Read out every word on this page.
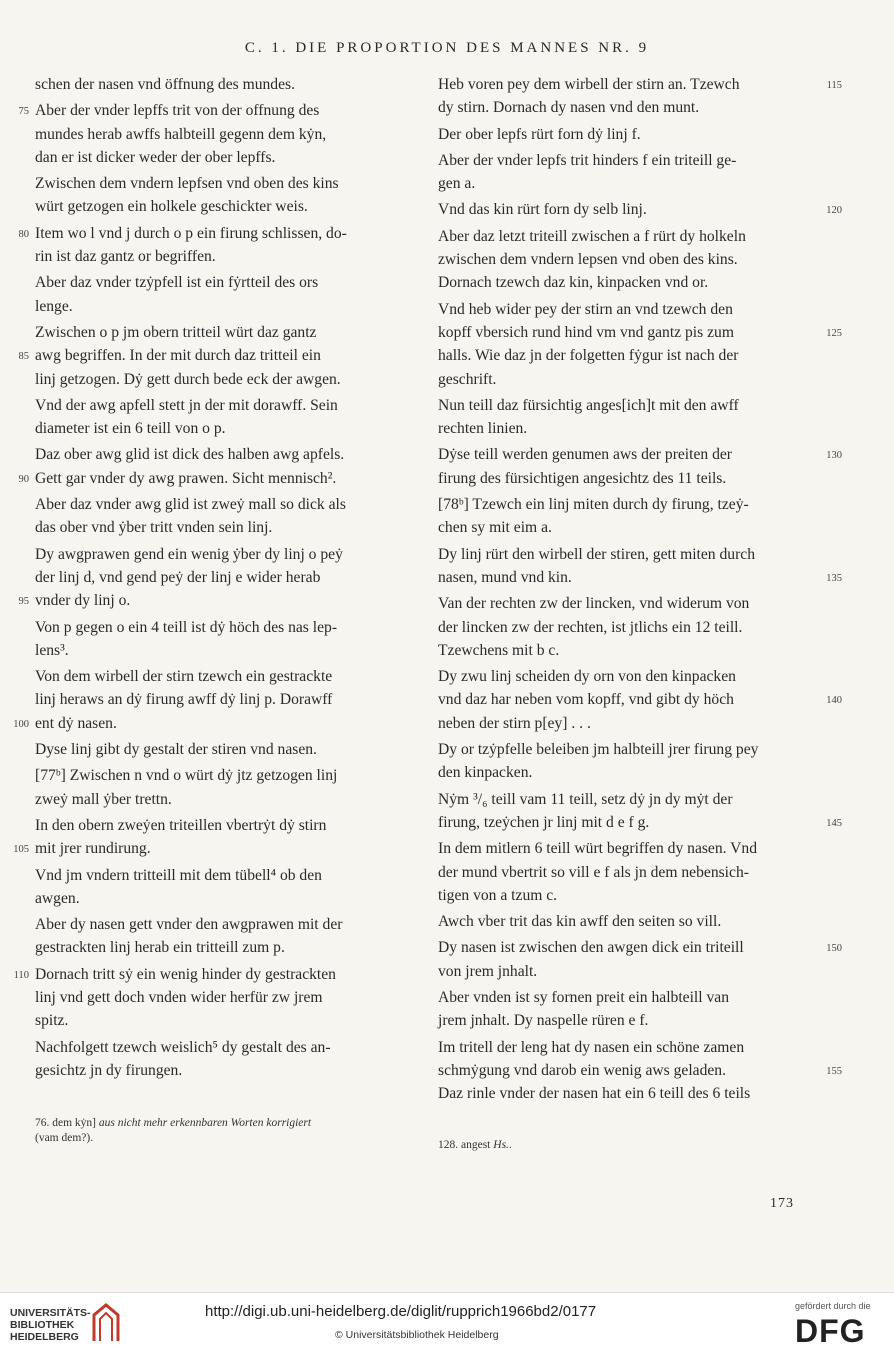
C. 1. DIE PROPORTION DES MANNES NR. 9
schen der nasen vnd öffnung des mundes.
Aber der vnder lepffs trit von der offnung des
75
mundes herab awffs halbteill gegenn dem kẏn,
dan er ist dicker weder der ober lepffs.
Zwischen dem vndern lepfsen vnd oben des kins
würt getzogen ein holkele geschickter weis.
Item wo l vnd j durch o p ein firung schlissen, do-
80
rin ist daz gantz or begriffen.
Aber daz vnder tzẏpfell ist ein fẏrtteil des ors
lenge.
Zwischen o p jm obern tritteil würt daz gantz
awg begriffen. In der mit durch daz tritteil ein
85
linj getzogen. Dẏ gett durch bede eck der awgen.
Vnd der awg apfell stett jn der mit dorawff. Sein
diameter ist ein 6 teill von o p.
Daz ober awg glid ist dick des halben awg apfels.
Gett gar vnder dy awg prawen. Sicht mennisch².
90
Aber daz vnder awg glid ist zweẏ mall so dick als
das ober vnd ẏber tritt vnden sein linj.
Dy awgprawen gend ein wenig ẏber dy linj o peẏ
der linj d, vnd gend peẏ der linj e wider herab
vnder dy linj o.
95
Von p gegen o ein 4 teill ist dẏ höch des nas lep-
lens³.
Von dem wirbell der stirn tzewch ein gestrackte
linj heraws an dẏ firung awff dẏ linj p. Dorawff
ent dẏ nasen.
100
Dyse linj gibt dy gestalt der stiren vnd nasen.
[77ᵇ] Zwischen n vnd o würt dẏ jtz getzogen linj
zweẏ mall ẏber trettn.
In den obern zweẏen triteillen vbertrẏt dẏ stirn
mit jrer rundirung.
105
Vnd jm vndern tritteill mit dem tübell⁴ ob den
awgen.
Aber dy nasen gett vnder den awgprawen mit der
gestrackten linj herab ein tritteill zum p.
Dornach tritt sẏ ein wenig hinder dy gestrackten
110
linj vnd gett doch vnden wider herfür zw jrem
spitz.
Nachfolgett tzewch weislich⁵ dy gestalt des an-
gesichtz jn dy firungen.
Heb voren pey dem wirbell der stirn an. Tzewch	115
dy stirn. Dornach dy nasen vnd den munt.
Der ober lepfs rürt forn dẏ linj f.
Aber der vnder lepfs trit hinders f ein triteill ge-
gen a.
Vnd das kin rürt forn dy selb linj.	120
Aber daz letzt triteill zwischen a f rürt dy holkeln
zwischen dem vndern lepsen vnd oben des kins.
Dornach tzewch daz kin, kinpacken vnd or.
Vnd heb wider pey der stirn an vnd tzewch den
kopff vbersich rund hind vm vnd gantz pis zum	125
halls. Wie daz jn der folgetten fẏgur ist nach der
geschrift.
Nun teill daz fürsichtig anges[ich]t mit den awff
rechten linien.
Dẏse teill werden genumen aws der preiten der	130
firung des fürsichtigen angesichtz des 11 teils.
[78ᵇ] Tzewch ein linj miten durch dy firung, tzeẏ-
chen sy mit eim a.
Dy linj rürt den wirbell der stiren, gett miten durch
nasen, mund vnd kin.	135
Van der rechten zw der lincken, vnd widerum von
der lincken zw der rechten, ist jtlichs ein 12 teill.
Tzewchens mit b c.
Dy zwu linj scheiden dy orn von den kinpacken
vnd daz har neben vom kopff, vnd gibt dy höch	140
neben der stirn p[ey] . . .
Dy or tzẏpfelle beleiben jm halbteill jrer firung pey
den kinpacken.
Nẏm ³/₆ teill vam 11 teill, setz dẏ jn dy mẏt der
firung, tzeẏchen jr linj mit d e f g.	145
In dem mitlern 6 teill würt begriffen dy nasen. Vnd
der mund vbertrit so vill e f als jn dem nebensich-
tigen von a tzum c.
Awch vber trit das kin awff den seiten so vill.
Dy nasen ist zwischen den awgen dick ein triteill	150
von jrem jnhalt.
Aber vnden ist sy fornen preit ein halbteill van
jrem jnhalt. Dy naspelle rüren e f.
Im tritell der leng hat dy nasen ein schöne zamen
schmẏgung vnd darob ein wenig aws geladen.	155
Daz rinle vnder der nasen hat ein 6 teill des 6 teils
76. dem kẏn] aus nicht mehr erkennbaren Worten korrigiert
(vam dem?).
128. angest Hs..
173
UNIVERSITÄTS-
BIBLIOTHEK
HEIDELBERG
http://digi.ub.uni-heidelberg.de/diglit/rupprich1966bd2/0177
© Universitätsbibliothek Heidelberg
gefördert durch die
DFG
